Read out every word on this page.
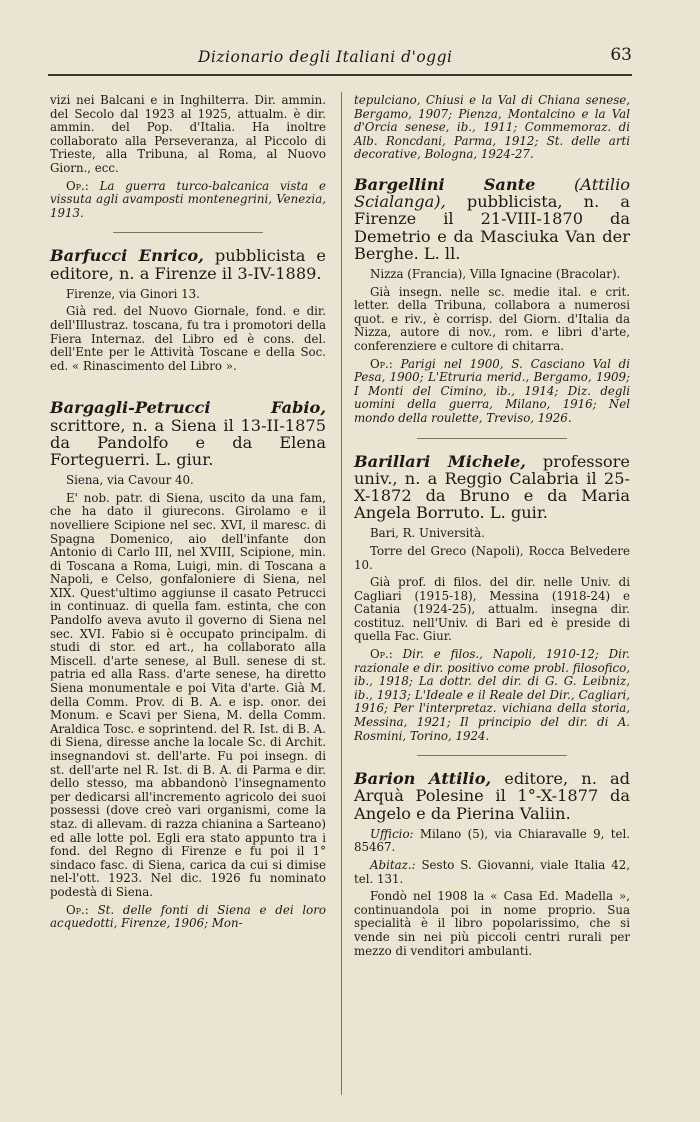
Dizionario degli Italiani d'oggi	63

vizi nei Balcani e in Inghilterra. Dir. ammin. del Secolo dal 1923 al 1925, attualm. è dir. ammin. del Pop. d'Italia. Ha inoltre collaborato alla Perseveranza, al Piccolo di Trieste, alla Tribuna, al Roma, al Nuovo Giorn., ecc.

Op.: La guerra turco-balcanica vista e vissuta agli avamposti montenegrini, Venezia, 1913.

Barfucci Enrico, pubblicista e editore, n. a Firenze il 3-IV-1889.

Firenze, via Ginori 13.

Già red. del Nuovo Giornale, fond. e dir. dell'Illustraz. toscana, fu tra i promotori della Fiera Internaz. del Libro ed è cons. del. dell'Ente per le Attività Toscane e della Soc. ed. « Rinascimento del Libro ».

Bargagli-Petrucci Fabio, scrittore, n. a Siena il 13-II-1875 da Pandolfo e da Elena Forteguerri. L. giur.

Siena, via Cavour 40.

E' nob. patr. di Siena, uscito da una fam, che ha dato il giurecons. Girolamo e il novelliere Scipione nel sec. XVI, il maresc. di Spagna Domenico, aio dell'infante don Antonio di Carlo III, nel XVIII, Scipione, min. di Toscana a Roma, Luigi, min. di Toscana a Napoli, e Celso, gonfaloniere di Siena, nel XIX. Quest'ultimo aggiunse il casato Petrucci in continuaz. di quella fam. estinta, che con Pandolfo aveva avuto il governo di Siena nel sec. XVI. Fabio si è occupato principalm. di studi di stor. ed art., ha collaborato alla Miscell. d'arte senese, al Bull. senese di st. patria ed alla Rass. d'arte senese, ha diretto Siena monumentale e poi Vita d'arte. Già M. della Comm. Prov. di B. A. e isp. onor. dei Monum. e Scavi per Siena, M. della Comm. Araldica Tosc. e soprintend. del R. Ist. di B. A. di Siena, diresse anche la locale Sc. di Archit. insegnandovi st. dell'arte. Fu poi insegn. di st. dell'arte nel R. Ist. di B. A. di Parma e dir. dello stesso, ma abbandonò l'insegnamento per dedicarsi all'incremento agricolo dei suoi possessi (dove creò vari organismi, come la staz. di allevam. di razza chianina a Sarteano) ed alle lotte pol. Egli era stato appunto tra i fond. del Regno di Firenze e fu poi il 1° sindaco fasc. di Siena, carica da cui si dimise nel-l'ott. 1923. Nel dic. 1926 fu nominato podestà di Siena.

Op.: St. delle fonti di Siena e dei loro acquedotti, Firenze, 1906; Mon-

tepulciano, Chiusi e la Val di Chiana senese, Bergamo, 1907; Pienza, Montalcino e la Val d'Orcia senese, ib., 1911; Commemoraz. di Alb. Roncdani, Parma, 1912; St. delle arti decorative, Bologna, 1924-27.

Bargellini Sante (Attilio Scialanga), pubblicista, n. a Firenze il 21-VIII-1870 da Demetrio e da Masciuka Van der Berghe. L. ll.

Nizza (Francia), Villa Ignacine (Bracolar).

Già insegn. nelle sc. medie ital. e crit. letter. della Tribuna, collabora a numerosi quot. e riv., è corrisp. del Giorn. d'Italia da Nizza, autore di nov., rom. e libri d'arte, conferenziere e cultore di chitarra.

Op.: Parigi nel 1900, S. Casciano Val di Pesa, 1900; L'Etruria merid., Bergamo, 1909; I Monti del Cimino, ib., 1914; Diz. degli uomini della guerra, Milano, 1916; Nel mondo della roulette, Treviso, 1926.

Barillari Michele, professore univ., n. a Reggio Calabria il 25-X-1872 da Bruno e da Maria Angela Borruto. L. guir.

Bari, R. Università.

Torre del Greco (Napoli), Rocca Belvedere 10.

Già prof. di filos. del dir. nelle Univ. di Cagliari (1915-18), Messina (1918-24) e Catania (1924-25), attualm. insegna dir. costituz. nell'Univ. di Bari ed è preside di quella Fac. Giur.

Op.: Dir. e filos., Napoli, 1910-12; Dir. razionale e dir. positivo come probl. filosofico, ib., 1918; La dottr. del dir. di G. G. Leibniz, ib., 1913; L'Ideale e il Reale del Dir., Cagliari, 1916; Per l'interpretaz. vichiana della storia, Messina, 1921; Il principio del dir. di A. Rosmini, Torino, 1924.

Barion Attilio, editore, n. ad Arquà Polesine il 1°-X-1877 da Angelo e da Pierina Valiin.

Ufficio: Milano (5), via Chiaravalle 9, tel. 85467.

Abitaz.: Sesto S. Giovanni, viale Italia 42, tel. 131.

Fondò nel 1908 la « Casa Ed. Madella », continuandola poi in nome proprio. Sua specialità è il libro popolarissimo, che si vende sin nei più piccoli centri rurali per mezzo di venditori ambulanti.
